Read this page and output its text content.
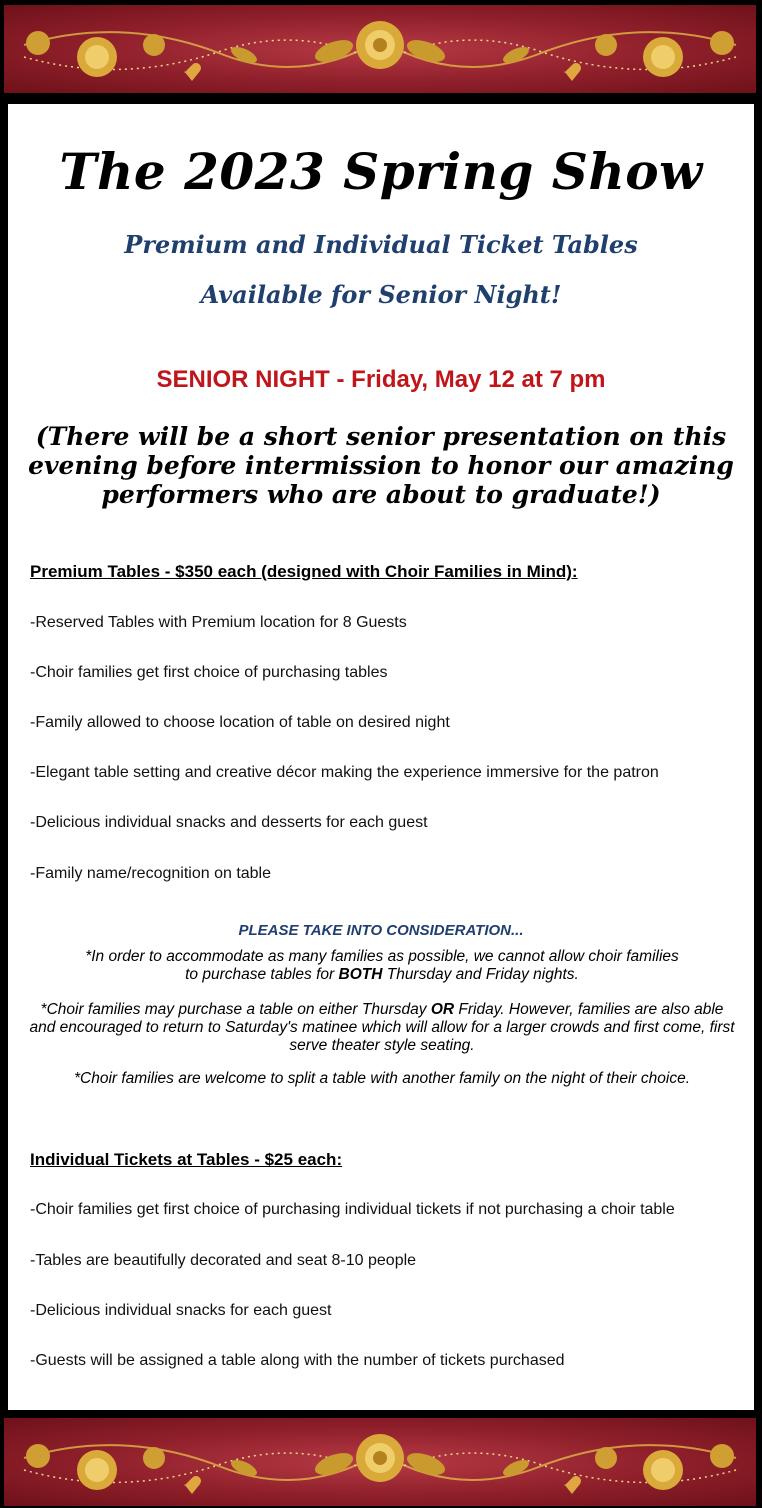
The 2023 Spring Show
Premium and Individual Ticket Tables
Available for Senior Night!
SENIOR NIGHT - Friday, May 12 at 7 pm
(There will be a short senior presentation on this
evening before intermission to honor our amazing
performers who are about to graduate!)
Premium Tables - $350 each (designed with Choir Families in Mind):
-Reserved Tables with Premium location for 8 Guests
-Choir families get first choice of purchasing tables
-Family allowed to choose location of table on desired night
-Elegant table setting and creative décor making the experience immersive for the patron
-Delicious individual snacks and desserts for each guest
-Family name/recognition on table
PLEASE TAKE INTO CONSIDERATION...
*In order to accommodate as many families as possible, we cannot allow choir families
to purchase tables for BOTH Thursday and Friday nights.
*Choir families may purchase a table on either Thursday OR Friday. However, families are also able and encouraged to return to Saturday's matinee which will allow for a larger crowds and first come, first serve theater style seating.
*Choir families are welcome to split a table with another family on the night of their choice.
Individual Tickets at Tables - $25 each:
-Choir families get first choice of purchasing individual tickets if not purchasing a choir table
-Tables are beautifully decorated and seat 8-10 people
-Delicious individual snacks for each guest
-Guests will be assigned a table along with the number of tickets purchased
